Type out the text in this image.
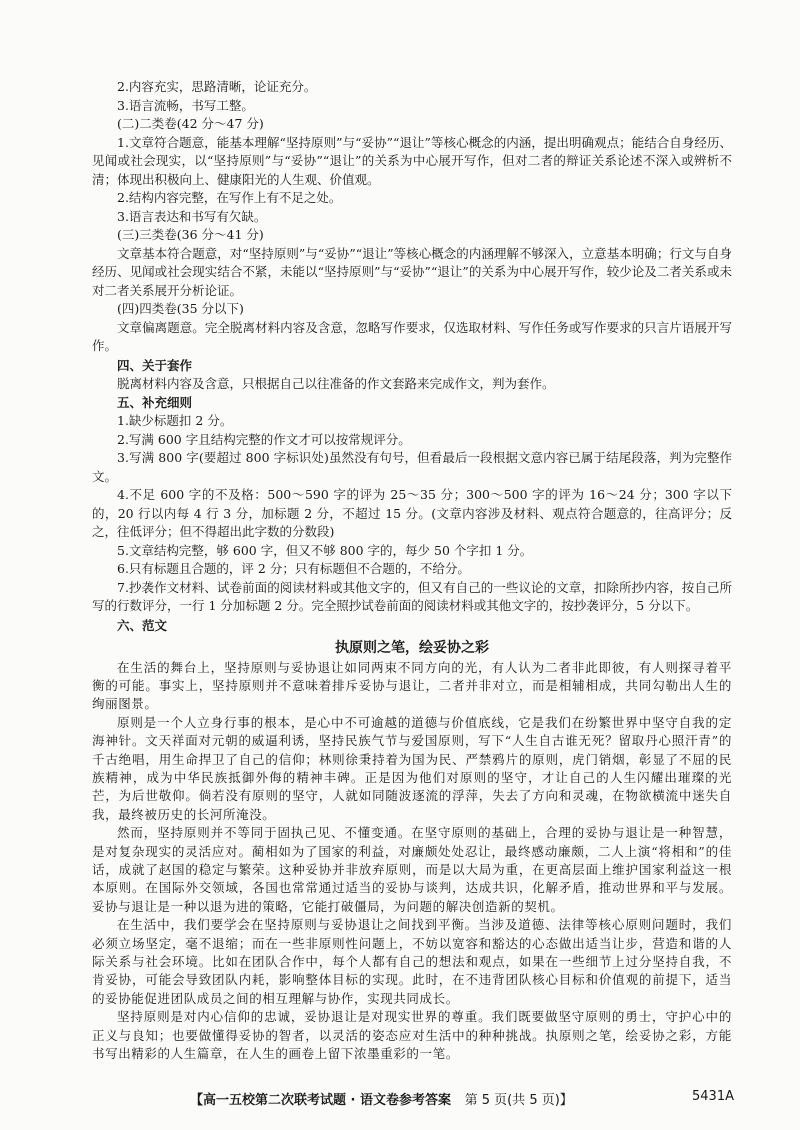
2.内容充实，思路清晰，论证充分。

3.语言流畅，书写工整。

(二)二类卷(42 分～47 分)

1.文章符合题意，能基本理解“坚持原则”与“妥协”“退让”等核心概念的内涵，提出明确观点；能结合自身经历、见闻或社会现实，以“坚持原则”与“妥协”“退让”的关系为中心展开写作，但对二者的辩证关系论述不深入或辨析不清；体现出积极向上、健康阳光的人生观、价值观。

2.结构内容完整，在写作上有不足之处。

3.语言表达和书写有欠缺。

(三)三类卷(36 分～41 分)

文章基本符合题意，对“坚持原则”与“妥协”“退让”等核心概念的内涵理解不够深入，立意基本明确；行文与自身经历、见闻或社会现实结合不紧，未能以“坚持原则”与“妥协”“退让”的关系为中心展开写作，较少论及二者关系或未对二者关系展开分析论证。

(四)四类卷(35 分以下)

文章偏离题意。完全脱离材料内容及含意，忽略写作要求，仅选取材料、写作任务或写作要求的只言片语展开写作。

四、关于套作

脱离材料内容及含意，只根据自己以往准备的作文套路来完成作文，判为套作。

五、补充细则

1.缺少标题扣 2 分。

2.写满 600 字且结构完整的作文才可以按常规评分。

3.写满 800 字(要超过 800 字标识处)虽然没有句号，但看最后一段根据文意内容已属于结尾段落，判为完整作文。

4.不足 600 字的不及格：500～590 字的评为 25～35 分；300～500 字的评为 16～24 分；300 字以下的，20 行以内每 4 行 3 分，加标题 2 分，不超过 15 分。(文章内容涉及材料、观点符合题意的，往高评分；反之，往低评分；但不得超出此字数的分数段)

5.文章结构完整，够 600 字，但又不够 800 字的，每少 50 个字扣 1 分。

6.只有标题且合题的，评 2 分；只有标题但不合题的，不给分。

7.抄袭作文材料、试卷前面的阅读材料或其他文字的，但又有自己的一些议论的文章，扣除所抄内容，按自己所写的行数评分，一行 1 分加标题 2 分。完全照抄试卷前面的阅读材料或其他文字的，按抄袭评分，5 分以下。

六、范文

执原则之笔，绘妥协之彩

在生活的舞台上，坚持原则与妥协退让如同两束不同方向的光，有人认为二者非此即彼，有人则探寻着平衡的可能。事实上，坚持原则并不意味着排斥妥协与退让，二者并非对立，而是相辅相成，共同勾勒出人生的绚丽图景。

原则是一个人立身行事的根本，是心中不可逾越的道德与价值底线，它是我们在纷繁世界中坚守自我的定海神针。文天祥面对元朝的威逼利诱，坚持民族气节与爱国原则，写下“人生自古谁无死？留取丹心照汗青”的千古绝唱，用生命捍卫了自己的信仰；林则徐秉持着为国为民、严禁鸦片的原则，虎门销烟，彰显了不屈的民族精神，成为中华民族抵御外侮的精神丰碑。正是因为他们对原则的坚守，才让自己的人生闪耀出璀璨的光芒，为后世敬仰。倘若没有原则的坚守，人就如同随波逐流的浮萍，失去了方向和灵魂，在物欲横流中迷失自我，最终被历史的长河所淹没。

然而，坚持原则并不等同于固执己见、不懂变通。在坚守原则的基础上，合理的妥协与退让是一种智慧，是对复杂现实的灵活应对。蔺相如为了国家的利益，对廉颇处处忍让，最终感动廉颇，二人上演“将相和”的佳话，成就了赵国的稳定与繁荣。这种妥协并非放弃原则，而是以大局为重，在更高层面上维护国家利益这一根本原则。在国际外交领域，各国也常常通过适当的妥协与谈判，达成共识，化解矛盾，推动世界和平与发展。妥协与退让是一种以退为进的策略，它能打破僵局，为问题的解决创造新的契机。

在生活中，我们要学会在坚持原则与妥协退让之间找到平衡。当涉及道德、法律等核心原则问题时，我们必须立场坚定，毫不退缩；而在一些非原则性问题上，不妨以宽容和豁达的心态做出适当让步，营造和谐的人际关系与社会环境。比如在团队合作中，每个人都有自己的想法和观点，如果在一些细节上过分坚持自我，不肯妥协，可能会导致团队内耗，影响整体目标的实现。此时，在不违背团队核心目标和价值观的前提下，适当的妥协能促进团队成员之间的相互理解与协作，实现共同成长。

坚持原则是对内心信仰的忠诚，妥协退让是对现实世界的尊重。我们既要做坚守原则的勇士，守护心中的正义与良知；也要做懂得妥协的智者，以灵活的姿态应对生活中的种种挑战。执原则之笔，绘妥协之彩，方能书写出精彩的人生篇章，在人生的画卷上留下浓墨重彩的一笔。

【高一五校第二次联考试题 · 语文卷参考答案 第 5 页(共 5 页)】	5431A
